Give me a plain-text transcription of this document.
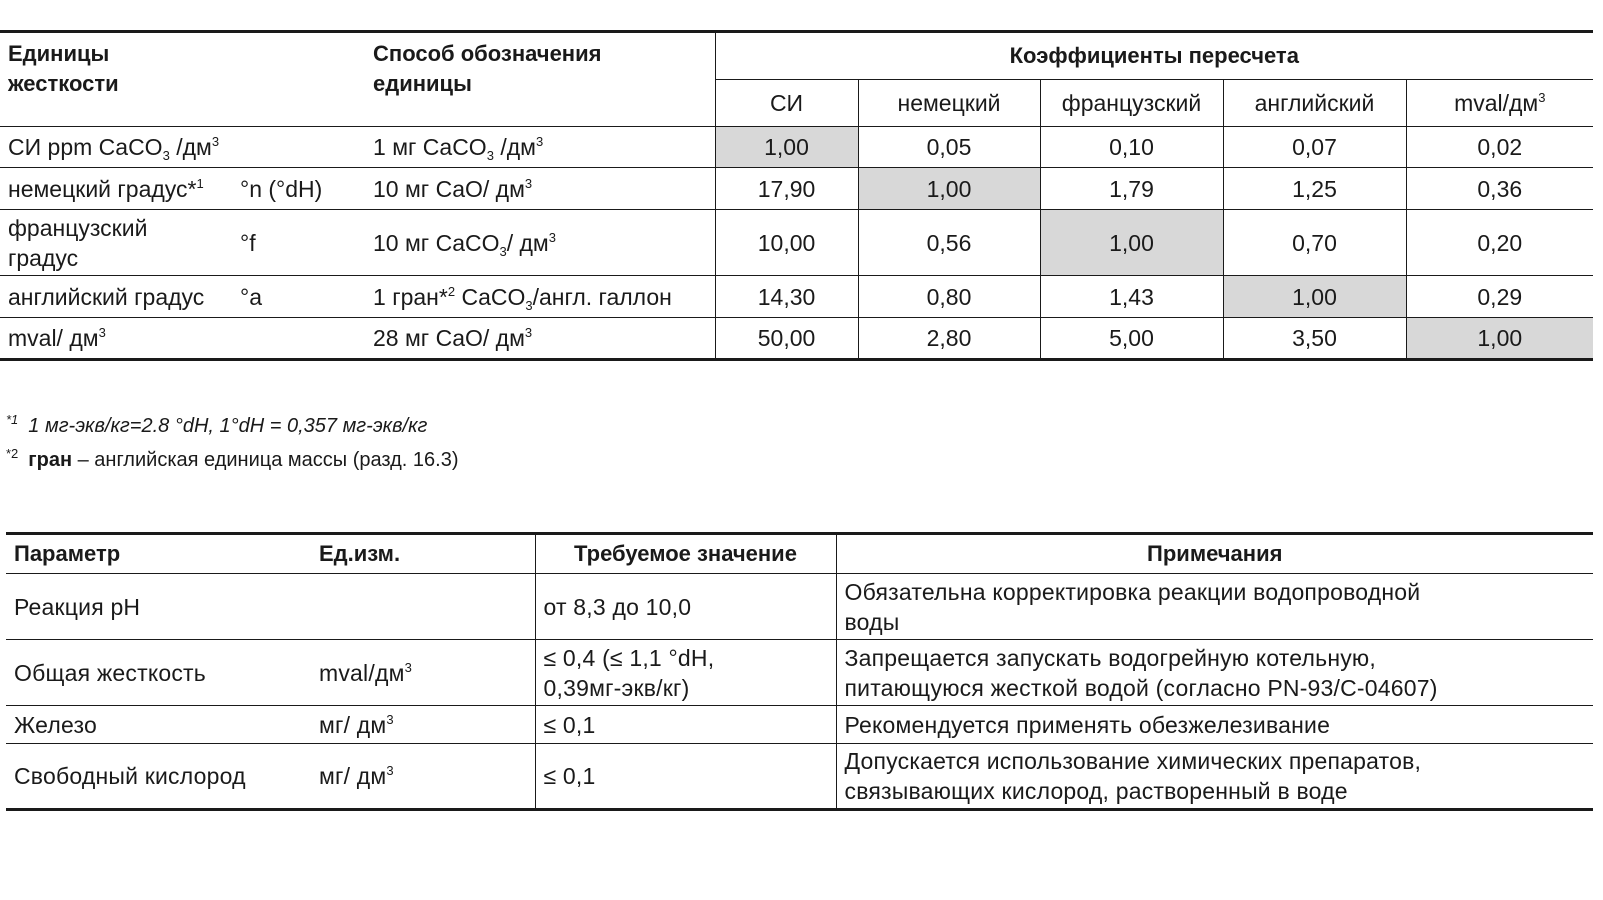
Единицы
жесткости		Способ обозначения
единицы	Коэффициенты пересчета				
			СИ	немецкий	французский	английский	mval/$дм^3$
СИ ppm CaCO$_3$ $/дм^3$		1 мг CaCO$_3$ $/дм^3$	1,00	0,05	0,10	0,07	0,02
немецкий градус*$^1$	°n (°dH)	10 мг CaO/ $дм^3$	17,90	1,00	1,79	1,25	0,36
французский
градус	°f	10 мг CaCO$_3$/ $дм^3$	10,00	0,56	1,00	0,70	0,20
английский градус	°a	1 гран*$^2$ CaCO$_3$/англ. галлон	14,30	0,80	1,43	1,00	0,29
mval/ $дм^3$		28 мг CaO/ $дм^3$	50,00	2,80	5,00	3,50	1,00
$^{*1}$ 1 мг-экв/кг=2.8 °dH, 1°dH = 0,357 мг-экв/кг
$^{*2}$ гран – английская единица массы (разд. 16.3)
Параметр	Ед.изм.	Требуемое значение	Примечания
Реакция pH		от 8,3 до 10,0	Обязательна корректировка реакции водопроводной
воды
Общая жесткость	mval/$дм^3$	≤ 0,4 (≤ 1,1 °dH,
0,39мг-экв/кг)	Запрещается запускать водогрейную котельную,
питающуюся жесткой водой (согласно PN-93/C-04607)
Железо	мг/ $дм^3$	≤ 0,1	Рекомендуется применять обезжелезивание
Свободный кислород	мг/ $дм^3$	≤ 0,1	Допускается использование химических препаратов,
связывающих кислород, растворенный в воде
